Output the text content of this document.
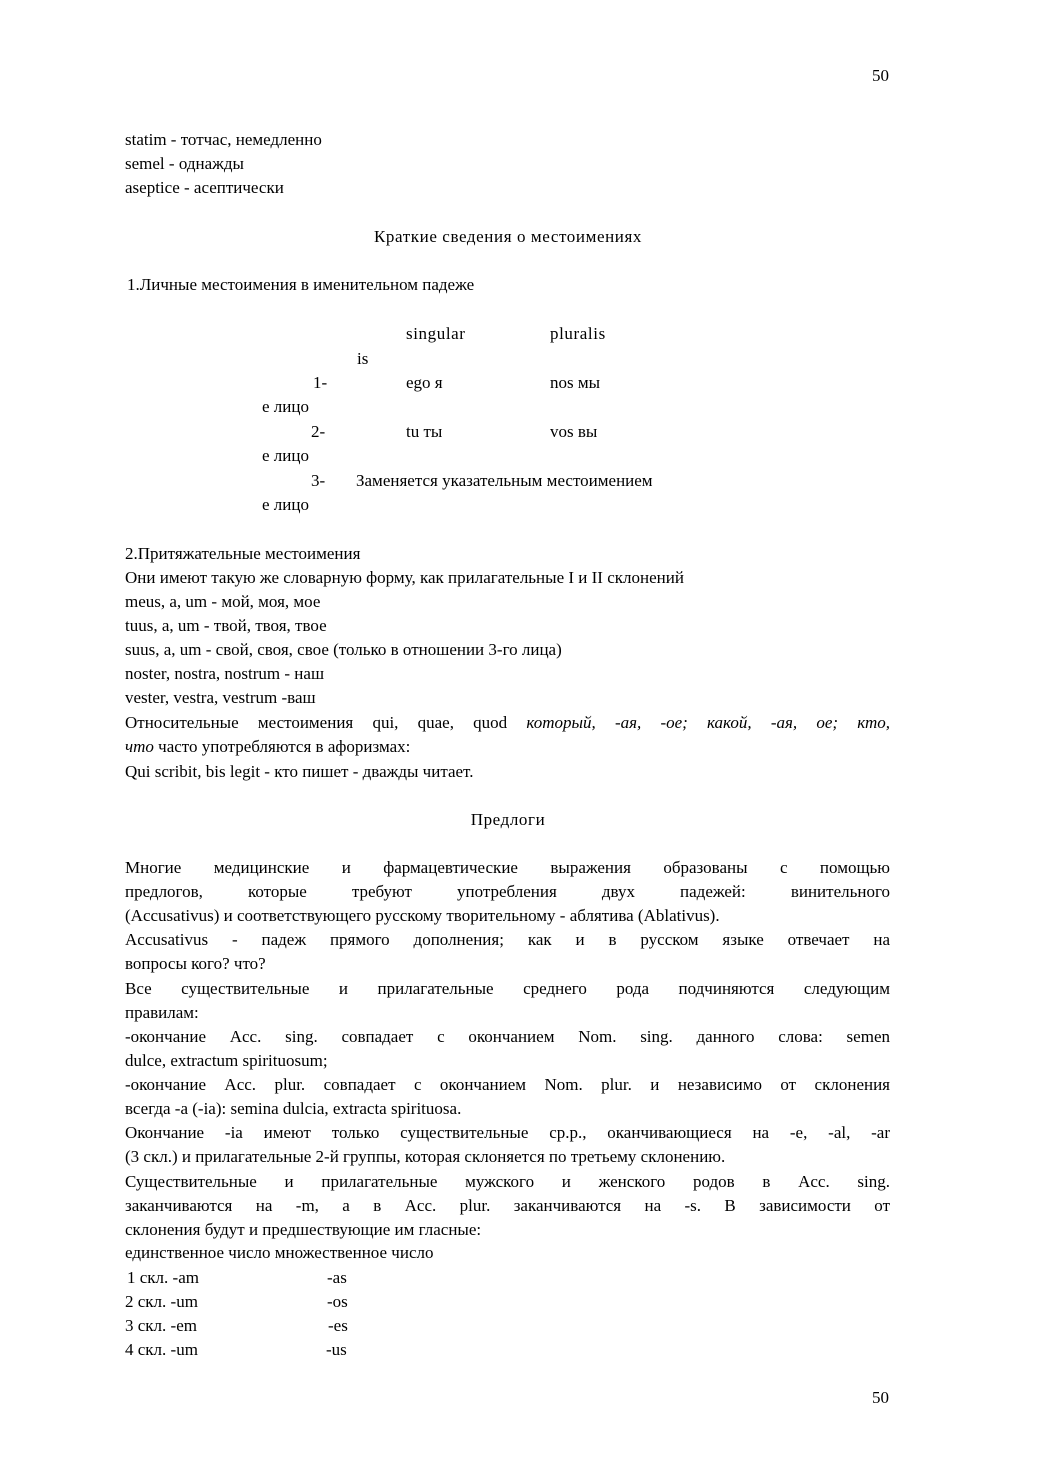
50
statim - тотчас, немедленно
semel - однажды
aseptice - асептически
Краткие сведения о местоимениях
1.Личные местоимения в именительном падеже
singular	pluralis
is
1-	ego я	nos мы
е лицо
2-	tu ты	vos вы
е лицо
3- Заменяется указательным местоимением
е лицо
2.Притяжательные местоимения
Они имеют такую же словарную форму, как прилагательные I и II склонений
meus, a, um - мой, моя, мое
tuus, a, um - твой, твоя, твое
suus, a, um - свой, своя, свое (только в отношении 3-го лица)
noster, nostra, nostrum - наш
vester, vestra, vestrum -ваш
Относительные местоимения qui, quae, quod который, -ая, -ое; какой, -ая, ое; кто,
что часто употребляются в афоризмах:
Qui scribit, bis legit - кто пишет - дважды читает.
Предлоги
Многие медицинские и фармацевтические выражения образованы с помощью
предлогов, которые требуют употребления двух падежей: винительного
(Accusativus) и соответствующего русскому творительному - аблятива (Ablativus).
Accusativus - падеж прямого дополнения; как и в русском языке отвечает на
вопросы кого? что?
Все существительные и прилагательные среднего рода подчиняются следующим
правилам:
-окончание Acc. sing. совпадает с окончанием Nom. sing. данного слова: semen
dulce, extractum spirituosum;
-окончание Acc. plur. совпадает с окончанием Nom. plur. и независимо от склонения
всегда -a (-ia): semina dulcia, extracta spirituosa.
Окончание -ia имеют только существительные ср.р., оканчивающиеся на -е, -al, -ar
(3 скл.) и прилагательные 2-й группы, которая склоняется по третьему склонению.
Существительные и прилагательные мужского и женского родов в Acc. sing.
заканчиваются на -m, а в Acc. plur. заканчиваются на -s. В зависимости от
склонения будут и предшествующие им гласные:
единственное число множественное число
1 скл. -am	-as
2 скл. -um	-os
3 скл. -em	-es
4 скл. -um	-us
50
